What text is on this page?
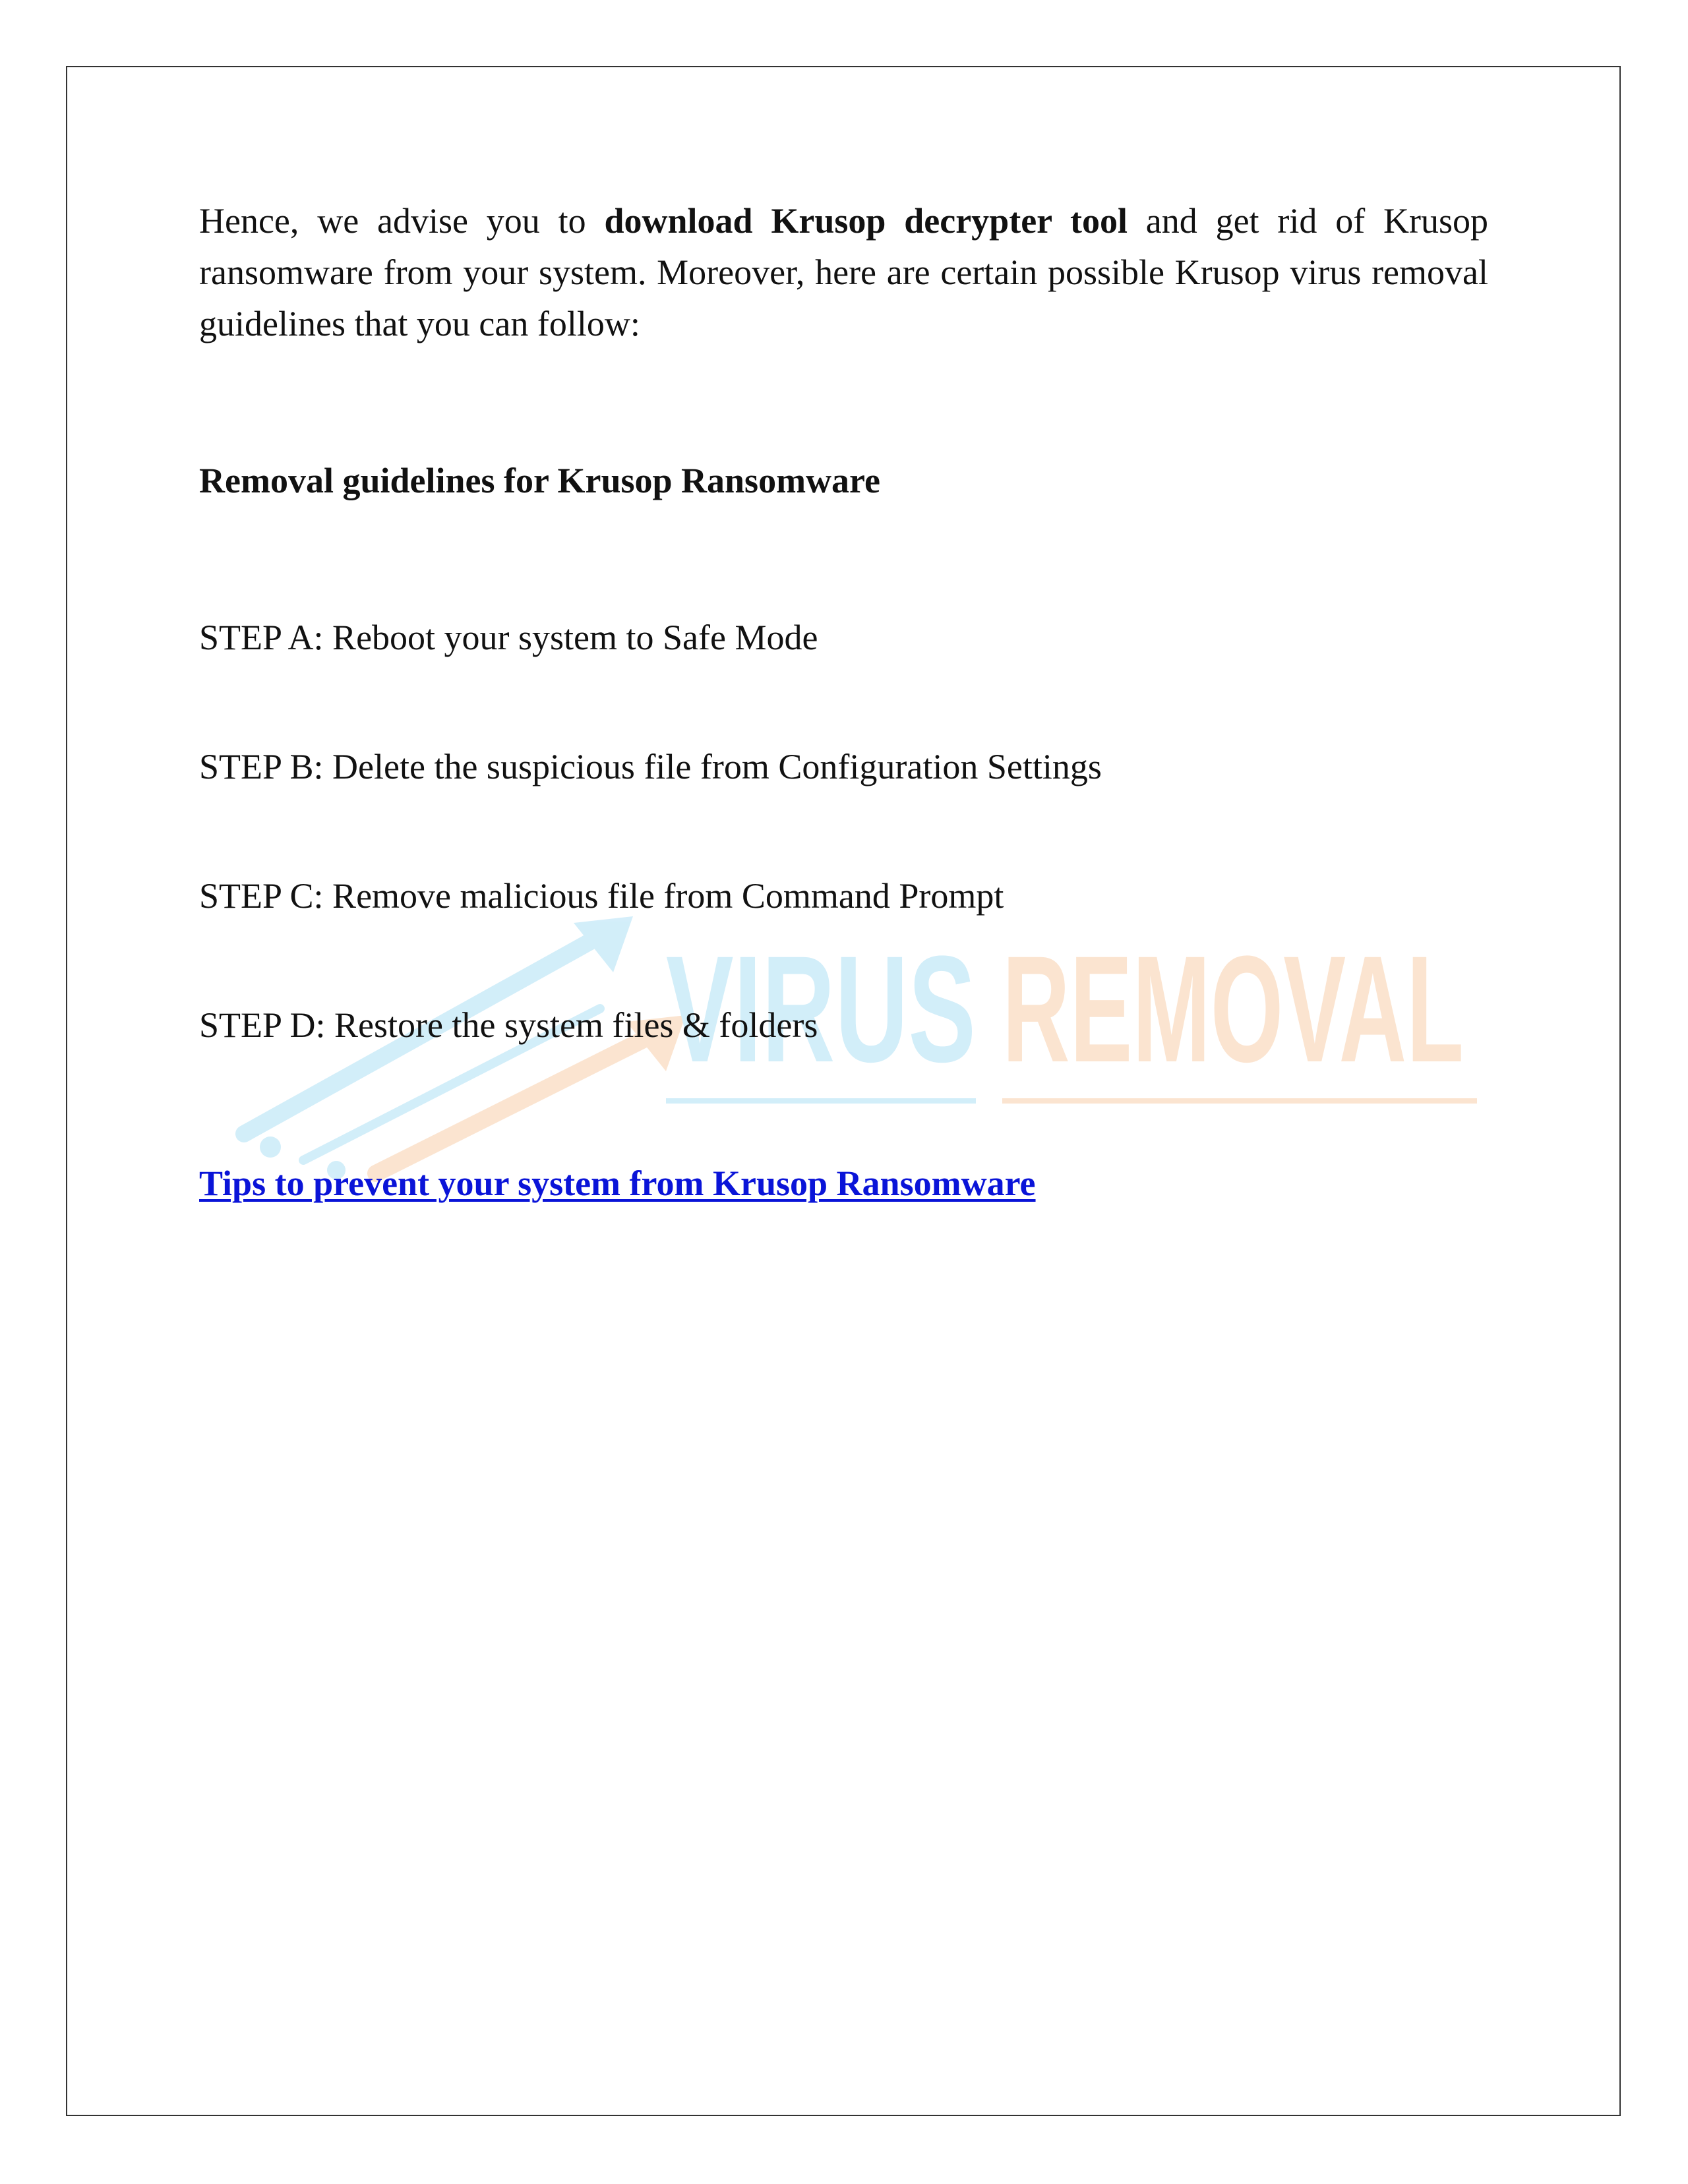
VIRUS REMOVAL

Hence, we advise you to download Krusop decrypter tool and get rid of Krusop ransomware from your system. Moreover, here are certain possible Krusop virus removal guidelines that you can follow:

Removal guidelines for Krusop Ransomware

STEP A: Reboot your system to Safe Mode

STEP B: Delete the suspicious file from Configuration Settings

STEP C: Remove malicious file from Command Prompt

STEP D: Restore the system files & folders

Tips to prevent your system from Krusop Ransomware
